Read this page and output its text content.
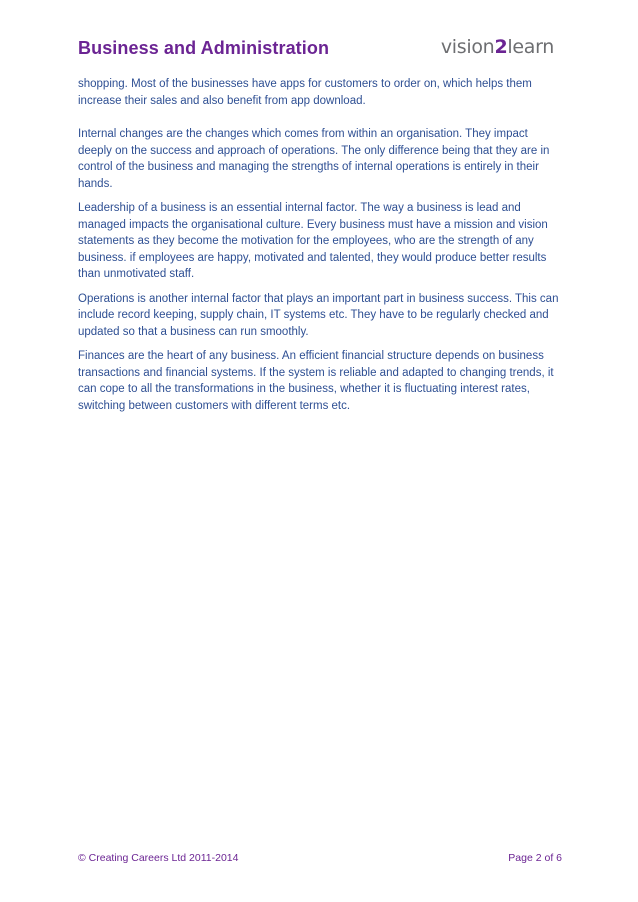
Business and Administration	vision2learn

shopping. Most of the businesses have apps for customers to order on, which helps them increase their sales and also benefit from app download.

Internal changes are the changes which comes from within an organisation. They impact deeply on the success and approach of operations. The only difference being that they are in control of the business and managing the strengths of internal operations is entirely in their hands.

Leadership of a business is an essential internal factor. The way a business is lead and managed impacts the organisational culture. Every business must have a mission and vision statements as they become the motivation for the employees, who are the strength of any business. if employees are happy, motivated and talented, they would produce better results than unmotivated staff.

Operations is another internal factor that plays an important part in business success. This can include record keeping, supply chain, IT systems etc. They have to be regularly checked and updated so that a business can run smoothly.

Finances are the heart of any business. An efficient financial structure depends on business transactions and financial systems. If the system is reliable and adapted to changing trends, it can cope to all the transformations in the business, whether it is fluctuating interest rates, switching between customers with different terms etc.

© Creating Careers Ltd 2011-2014	Page 2 of 6
